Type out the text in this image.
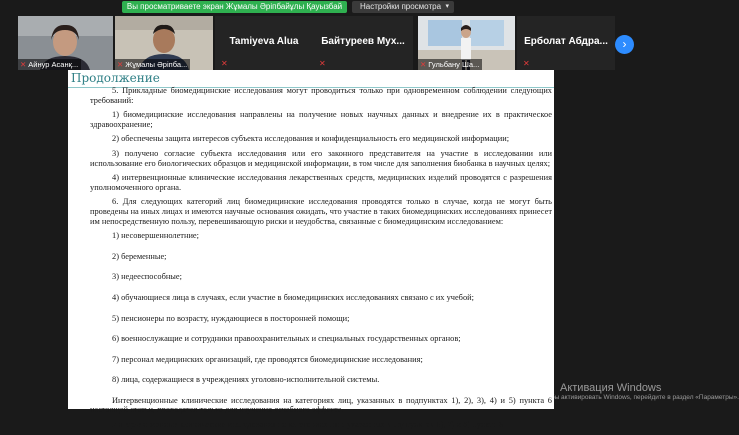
Вы просматриваете экран Жұмалы Әріпбайұлы Қауызбай	Настройки просмотра ▾
✕ Айнур Асанқ...	✕ Жұмалы Әріпба...
Tamiyeva Alua
✕
Байтуреев Мух...
✕	✕ Гульбану Ша...
Ерболат Абдра...
✕
›
Продолжение

5. Прикладные биомедицинские исследования могут проводиться только при одновременном соблюдении следующих требований:

1) биомедицинские исследования направлены на получение новых научных данных и внедрение их в практическое здравоохранение;

2) обеспечены защита интересов субъекта исследования и конфиденциальность его медицинской информации;

3) получено согласие субъекта исследования или его законного представителя на участие в исследовании или использование его биологических образцов и медицинской информации, в том числе для заполнения биобанка в научных целях;

4) интервенционные клинические исследования лекарственных средств, медицинских изделий проводятся с разрешения уполномоченного органа.

6. Для следующих категорий лиц биомедицинские исследования проводятся только в случае, когда не могут быть проведены на иных лицах и имеются научные основания ожидать, что участие в таких биомедицинских исследованиях принесет им непосредственную пользу, перевешивающую риски и неудобства, связанные с биомедицинским исследованием:

1) несовершеннолетние;

2) беременные;

3) недееспособные;

4) обучающиеся лица в случаях, если участие в биомедицинских исследованиях связано с их учебой;

5) пенсионеры по возрасту, нуждающиеся в посторонней помощи;

6) военнослужащие и сотрудники правоохранительных и специальных государственных органов;

7) персонал медицинских организаций, где проводятся биомедицинские исследования;

8) лица, содержащиеся в учреждениях уголовно-исполнительной системы.

Интервенционные клинические исследования на категориях лиц, указанных в подпунктах 1), 2), 3), 4) и 5) пункта 6 настоящей статьи, проводятся только для изучения лечебного эффекта.

Интервенционные клинические исследования на категориях лиц, указанных в подпунктах 6), 7) и 8) пункта 6

Активация Windows
Чтобы активировать Windows, перейдите в раздел «Параметры».
